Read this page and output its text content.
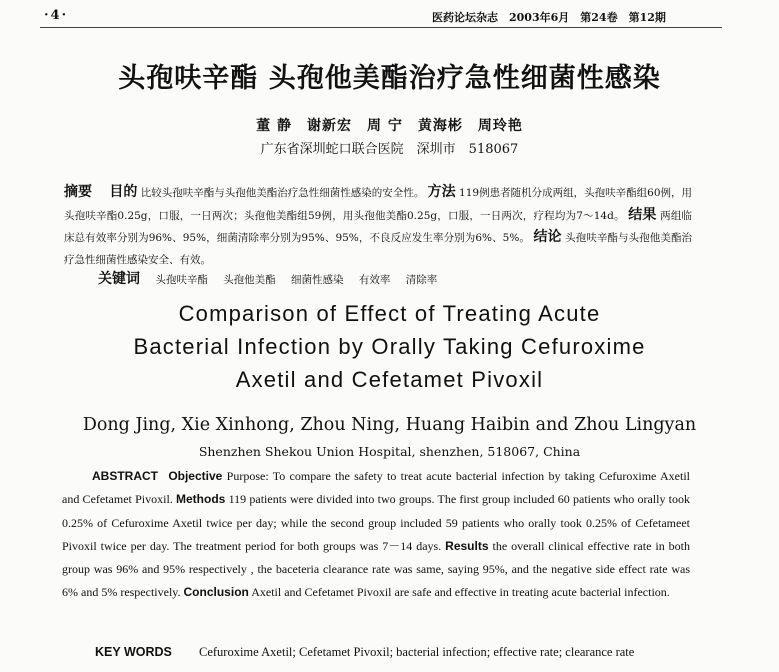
·4·	医药论坛杂志　2003年6月　第24卷　第12期
头孢呋辛酯 头孢他美酯治疗急性细菌性感染
董 静　谢新宏　周 宁　黄海彬　周玲艳
广东省深圳蛇口联合医院　深圳市　518067
摘要 目的 比较头孢呋辛酯与头孢他美酯治疗急性细菌性感染的安全性。 方法 119例患者随机分成两组，头孢呋辛酯组60例，用头孢呋辛酯0.25g，口服，一日两次；头孢他美酯组59例，用头孢他美酯0.25g，口服，一日两次，疗程均为7～14d。 结果 两组临床总有效率分别为96%、95%，细菌清除率分别为95%、95%，不良反应发生率分别为6%、5%。 结论 头孢呋辛酯与头孢他美酯治疗急性细菌性感染安全、有效。
关键词 头孢呋辛酯 头孢他美酯 细菌性感染 有效率 清除率
Comparison of Effect of Treating Acute
Bacterial Infection by Orally Taking Cefuroxime
Axetil and Cefetamet Pivoxil
Dong Jing, Xie Xinhong, Zhou Ning, Huang Haibin and Zhou Lingyan
Shenzhen Shekou Union Hospital, shenzhen, 518067, China
ABSTRACT Objective Purpose: To compare the safety to treat acute bacterial infection by taking Cefuroxime Axetil and Cefetamet Pivoxil. Methods 119 patients were divided into two groups. The first group included 60 patients who orally took 0.25% of Cefuroxime Axetil twice per day; while the second group included 59 patients who orally took 0.25% of Cefetameet Pivoxil twice per day. The treatment period for both groups was 7－14 days. Results the overall clinical effective rate in both group was 96% and 95% respectively , the baceteria clearance rate was same, saying 95%, and the negative side effect rate was 6% and 5% respectively. Conclusion Axetil and Cefetamet Pivoxil are safe and effective in treating acute bacterial infection.
KEY WORDS Cefuroxime Axetil; Cefetamet Pivoxil; bacterial infection; effective rate; clearance rate
